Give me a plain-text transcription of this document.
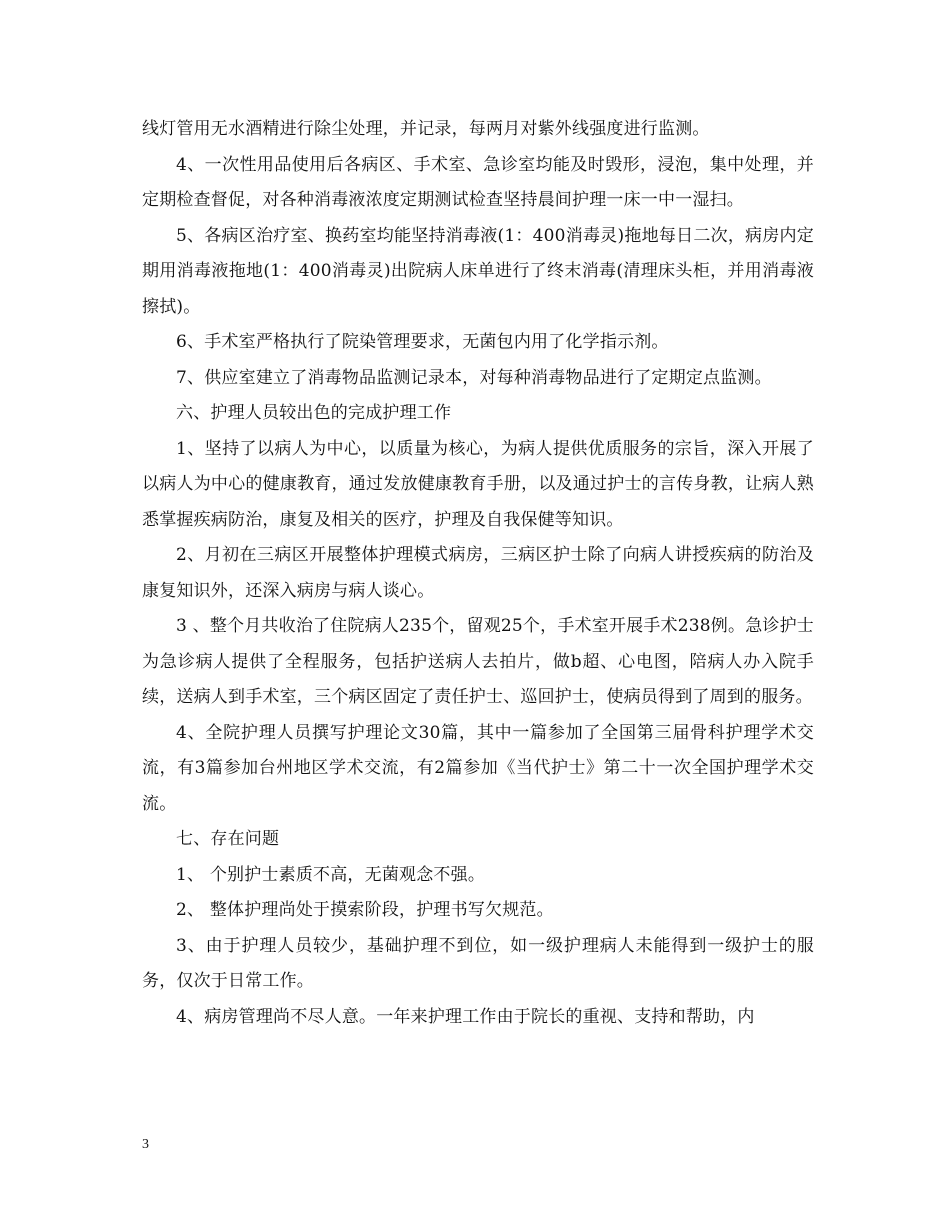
线灯管用无水酒精进行除尘处理，并记录，每两月对紫外线强度进行监测。

4、一次性用品使用后各病区、手术室、急诊室均能及时毁形，浸泡，集中处理，并定期检查督促，对各种消毒液浓度定期测试检查坚持晨间护理一床一中一湿扫。

5、各病区治疗室、换药室均能坚持消毒液(1：400消毒灵)拖地每日二次，病房内定期用消毒液拖地(1：400消毒灵)出院病人床单进行了终末消毒(清理床头柜，并用消毒液擦拭)。

6、手术室严格执行了院染管理要求，无菌包内用了化学指示剂。

7、供应室建立了消毒物品监测记录本，对每种消毒物品进行了定期定点监测。

六、护理人员较出色的完成护理工作

1、坚持了以病人为中心，以质量为核心，为病人提供优质服务的宗旨，深入开展了以病人为中心的健康教育，通过发放健康教育手册，以及通过护士的言传身教，让病人熟悉掌握疾病防治，康复及相关的医疗，护理及自我保健等知识。

2、月初在三病区开展整体护理模式病房，三病区护士除了向病人讲授疾病的防治及康复知识外，还深入病房与病人谈心。

3 、整个月共收治了住院病人235个，留观25个，手术室开展手术238例。急诊护士为急诊病人提供了全程服务，包括护送病人去拍片，做b超、心电图，陪病人办入院手续，送病人到手术室，三个病区固定了责任护士、巡回护士，使病员得到了周到的服务。

4、全院护理人员撰写护理论文30篇，其中一篇参加了全国第三届骨科护理学术交流，有3篇参加台州地区学术交流，有2篇参加《当代护士》第二十一次全国护理学术交流。

七、存在问题

1、 个别护士素质不高，无菌观念不强。

2、 整体护理尚处于摸索阶段，护理书写欠规范。

3、由于护理人员较少，基础护理不到位，如一级护理病人未能得到一级护士的服务，仅次于日常工作。

4、病房管理尚不尽人意。一年来护理工作由于院长的重视、支持和帮助，内

3
